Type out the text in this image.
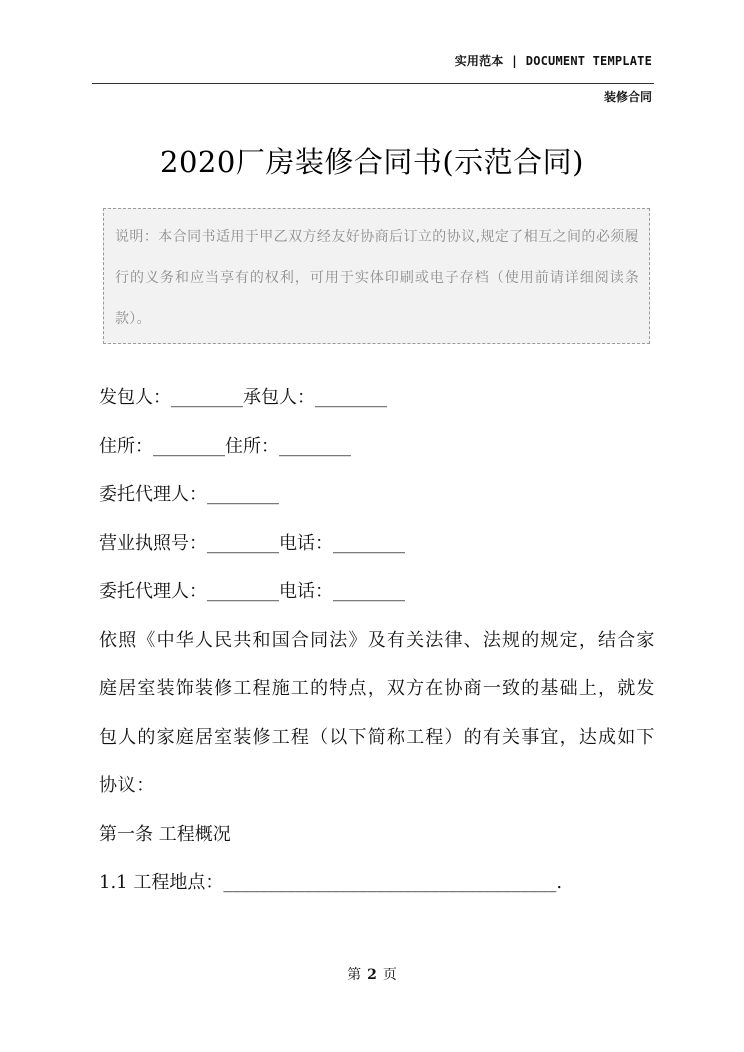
实用范本 | DOCUMENT TEMPLATE
装修合同
2020厂房装修合同书(示范合同)
说明：本合同书适用于甲乙双方经友好协商后订立的协议,规定了相互之间的必须履行的义务和应当享有的权利，可用于实体印刷或电子存档（使用前请详细阅读条款）。

发包人：________承包人：________

住所：________住所：________

委托代理人：________

营业执照号：________电话：________

委托代理人：________电话：________

依照《中华人民共和国合同法》及有关法律、法规的规定，结合家庭居室装饰装修工程施工的特点，双方在协商一致的基础上，就发包人的家庭居室装修工程（以下简称工程）的有关事宜，达成如下协议：

第一条 工程概况

1.1 工程地点：_____________________________________.

第 2 页
